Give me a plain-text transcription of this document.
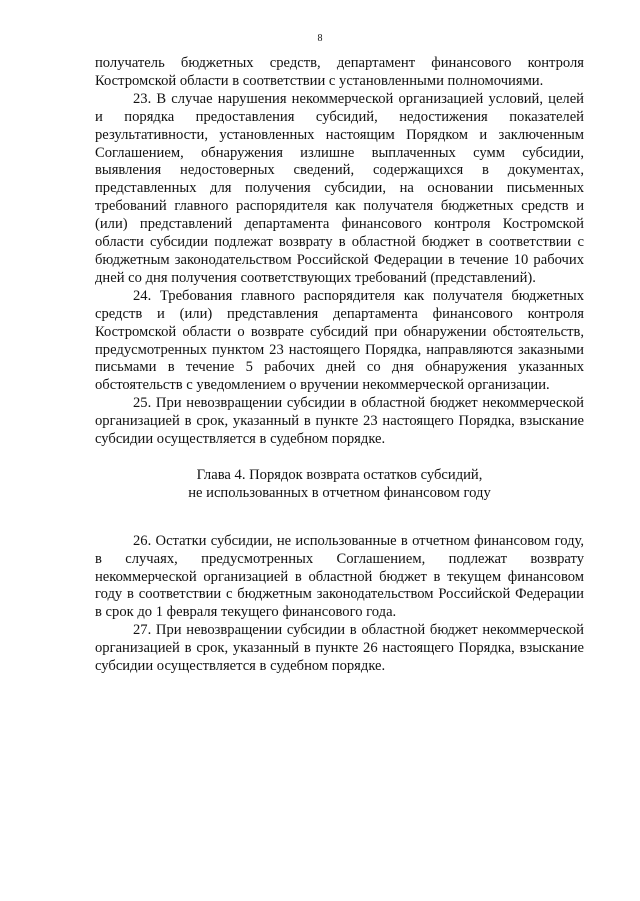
8

получатель бюджетных средств, департамент финансового контроля Костромской области в соответствии с установленными полномочиями.

23. В случае нарушения некоммерческой организацией условий, целей и порядка предоставления субсидий, недостижения показателей результативности, установленных настоящим Порядком и заключенным Соглашением, обнаружения излишне выплаченных сумм субсидии, выявления недостоверных сведений, содержащихся в документах, представленных для получения субсидии, на основании письменных требований главного распорядителя как получателя бюджетных средств и (или) представлений департамента финансового контроля Костромской области субсидии подлежат возврату в областной бюджет в соответствии с бюджетным законодательством Российской Федерации в течение 10 рабочих дней со дня получения соответствующих требований (представлений).

24. Требования главного распорядителя как получателя бюджетных средств и (или) представления департамента финансового контроля Костромской области о возврате субсидий при обнаружении обстоятельств, предусмотренных пунктом 23 настоящего Порядка, направляются заказными письмами в течение 5 рабочих дней со дня обнаружения указанных обстоятельств с уведомлением о вручении некоммерческой организации.

25. При невозвращении субсидии в областной бюджет некоммерческой организацией в срок, указанный в пункте 23 настоящего Порядка, взыскание субсидии осуществляется в судебном порядке.

Глава 4. Порядок возврата остатков субсидий,
не использованных в отчетном финансовом году

26. Остатки субсидии, не использованные в отчетном финансовом году, в случаях, предусмотренных Соглашением, подлежат возврату некоммерческой организацией в областной бюджет в текущем финансовом году в соответствии с бюджетным законодательством Российской Федерации в срок до 1 февраля текущего финансового года.

27. При невозвращении субсидии в областной бюджет некоммерческой организацией в срок, указанный в пункте 26 настоящего Порядка, взыскание субсидии осуществляется в судебном порядке.
